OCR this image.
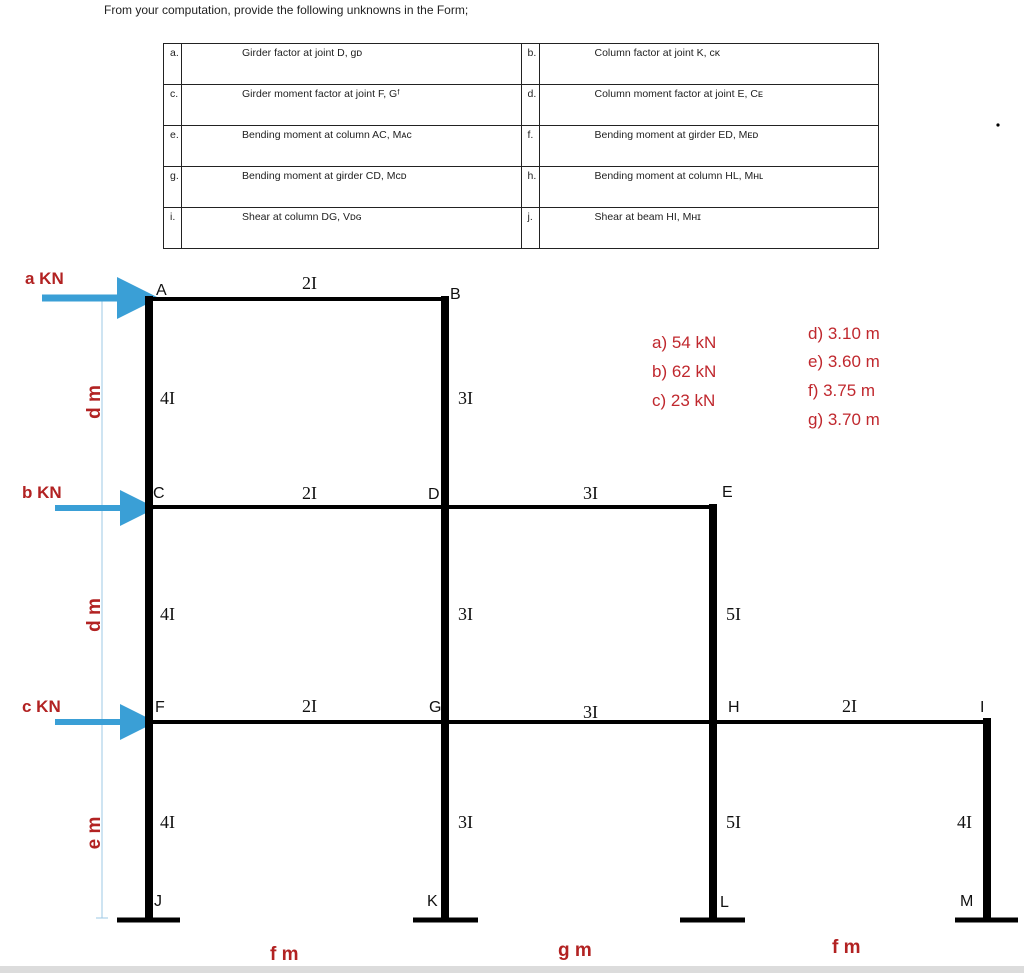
From your computation, provide the following unknowns in the Form;
a.	Girder factor at joint D, gᴅ	b.	Column factor at joint K, cᴋ
c.	Girder moment factor at joint F, Gᶠ	d.	Column moment factor at joint E, Cᴇ
e.	Bending moment at column AC, Mᴀᴄ	f.	Bending moment at girder ED, Mᴇᴅ
g.	Bending moment at girder CD, Mᴄᴅ	h.	Bending moment at column HL, Mʜʟ
i.	Shear at column DG, Vᴅɢ	j.	Shear at beam HI, Mʜɪ
a KN
b KN
c KN
d m
d m
e m
f m	g m	f m
A	B
C	D	E
F	G	H	I
J	K	L	M
2I
4I	3I
2I	3I
4I	3I	5I
2I	3I	2I
4I	3I	5I	4I
a) 54 kN
b) 62 kN
c) 23 kN
d) 3.10 m
e) 3.60 m
f) 3.75 m
g) 3.70 m
